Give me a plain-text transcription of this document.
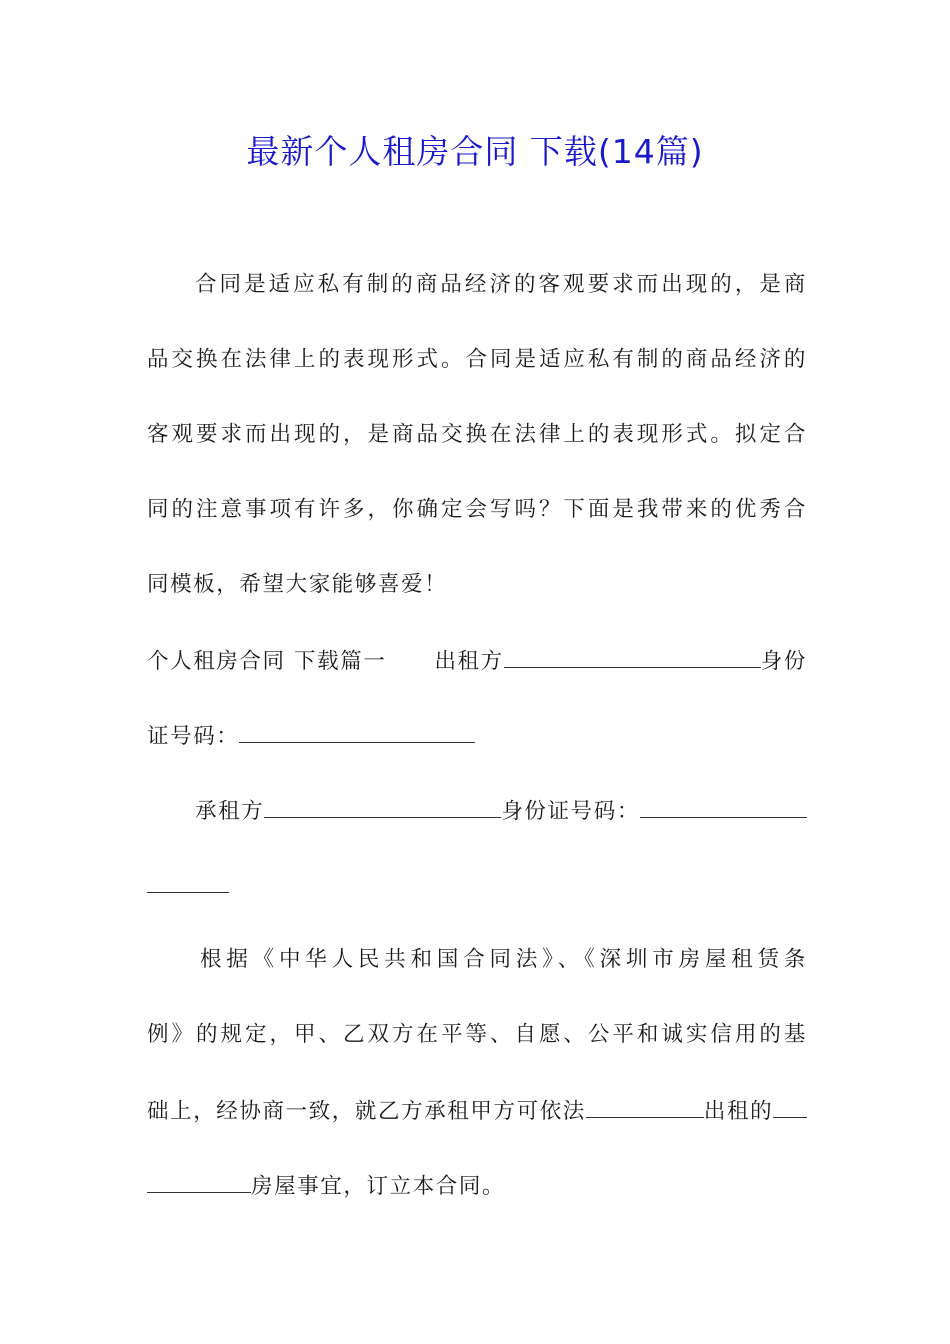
最新个人租房合同 下载(14篇)
合同是适应私有制的商品经济的客观要求而出现的，是商
品交换在法律上的表现形式。合同是适应私有制的商品经济的
客观要求而出现的，是商品交换在法律上的表现形式。拟定合
同的注意事项有许多，你确定会写吗？下面是我带来的优秀合
同模板，希望大家能够喜爱！
个人租房合同 下载篇一 出租方	身份
证号码：
承租方	身份证号码：
根据《中华人民共和国合同法》、《深圳市房屋租赁条
例》的规定，甲、乙双方在平等、自愿、公平和诚实信用的基
础上，经协商一致，就乙方承租甲方可依法	出租的
房屋事宜，订立本合同。
